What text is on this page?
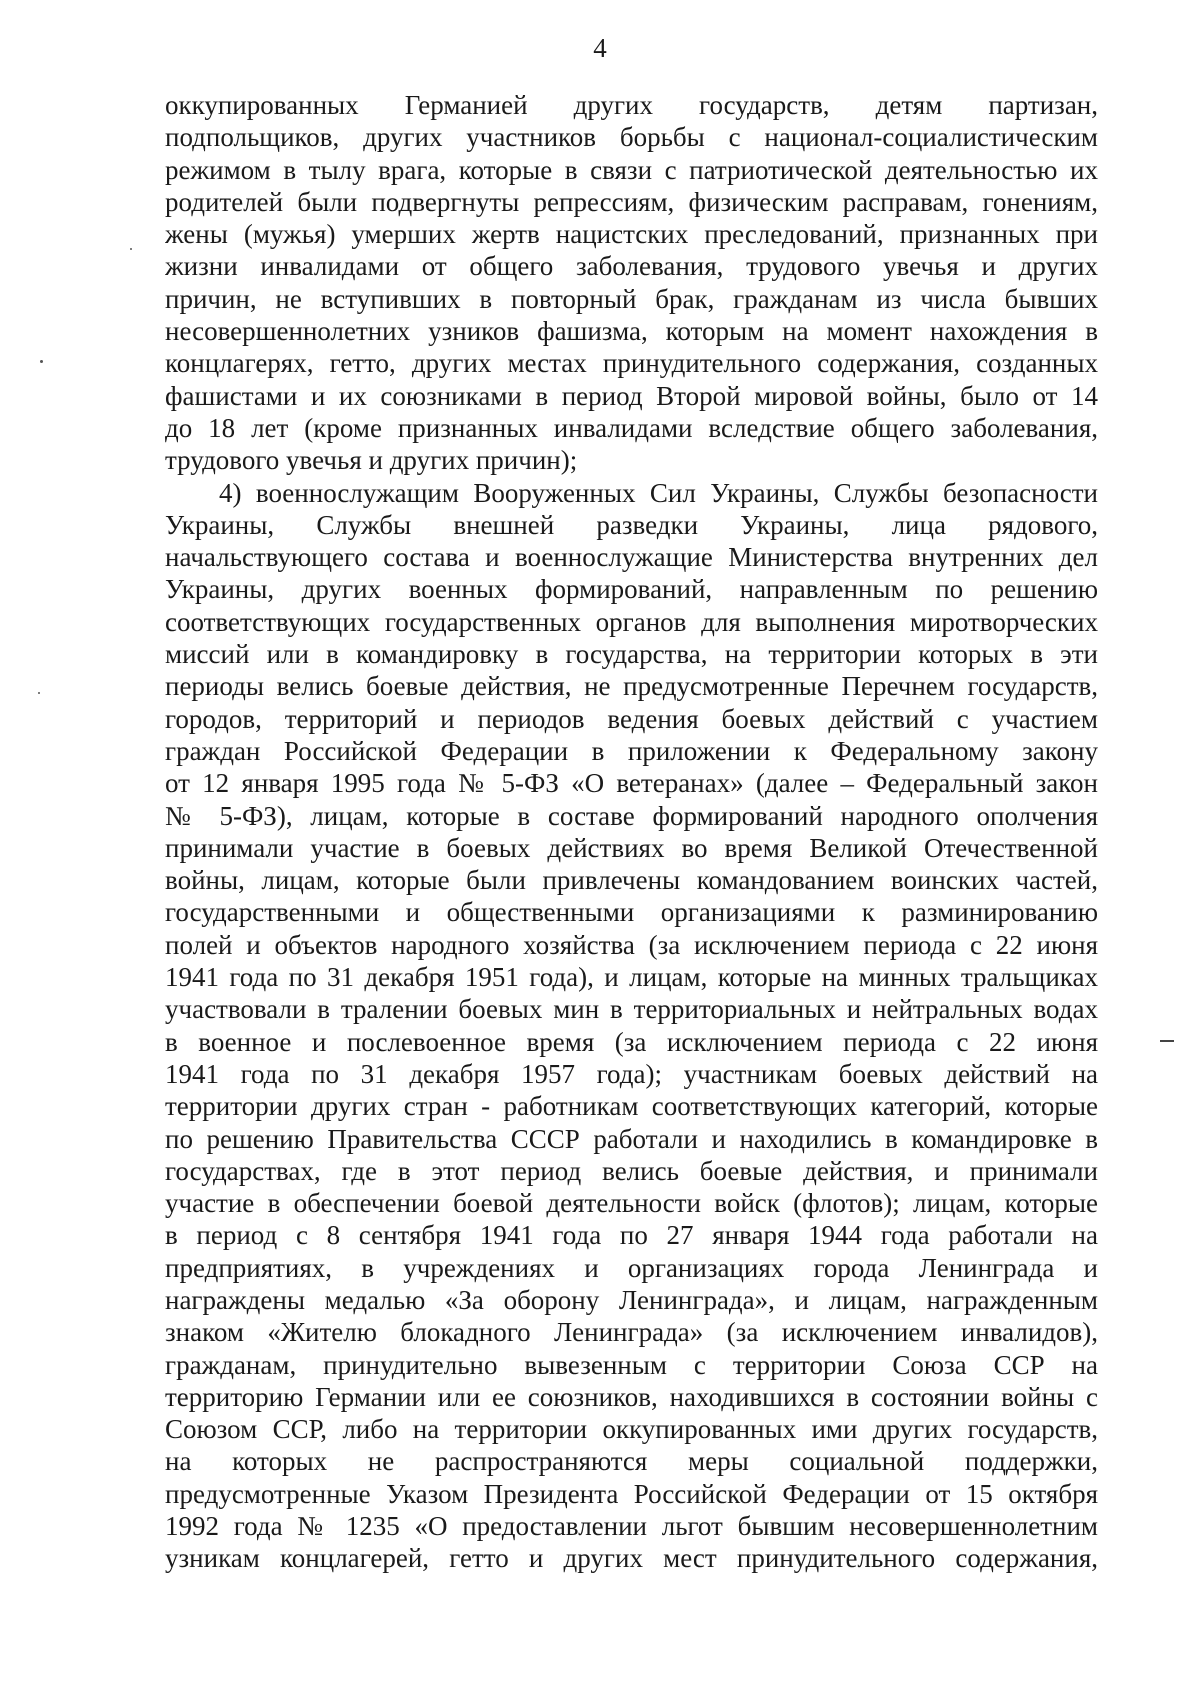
4
оккупированных Германией других государств, детям партизан,
подпольщиков, других участников борьбы с национал-социалистическим
режимом в тылу врага, которые в связи с патриотической деятельностью их
родителей были подвергнуты репрессиям, физическим расправам, гонениям,
жены (мужья) умерших жертв нацистских преследований, признанных при
жизни инвалидами от общего заболевания, трудового увечья и других
причин, не вступивших в повторный брак, гражданам из числа бывших
несовершеннолетних узников фашизма, которым на момент нахождения в
концлагерях, гетто, других местах принудительного содержания, созданных
фашистами и их союзниками в период Второй мировой войны, было от 14
до 18 лет (кроме признанных инвалидами вследствие общего заболевания,
трудового увечья и других причин);
4) военнослужащим Вооруженных Сил Украины, Службы безопасности
Украины, Службы внешней разведки Украины, лица рядового,
начальствующего состава и военнослужащие Министерства внутренних дел
Украины, других военных формирований, направленным по решению
соответствующих государственных органов для выполнения миротворческих
миссий или в командировку в государства, на территории которых в эти
периоды велись боевые действия, не предусмотренные Перечнем государств,
городов, территорий и периодов ведения боевых действий с участием
граждан Российской Федерации в приложении к Федеральному закону
от 12 января 1995 года № 5-ФЗ «О ветеранах» (далее – Федеральный закон
№ 5-ФЗ), лицам, которые в составе формирований народного ополчения
принимали участие в боевых действиях во время Великой Отечественной
войны, лицам, которые были привлечены командованием воинских частей,
государственными и общественными организациями к разминированию
полей и объектов народного хозяйства (за исключением периода с 22 июня
1941 года по 31 декабря 1951 года), и лицам, которые на минных тральщиках
участвовали в тралении боевых мин в территориальных и нейтральных водах
в военное и послевоенное время (за исключением периода с 22 июня
1941 года по 31 декабря 1957 года); участникам боевых действий на
территории других стран - работникам соответствующих категорий, которые
по решению Правительства СССР работали и находились в командировке в
государствах, где в этот период велись боевые действия, и принимали
участие в обеспечении боевой деятельности войск (флотов); лицам, которые
в период с 8 сентября 1941 года по 27 января 1944 года работали на
предприятиях, в учреждениях и организациях города Ленинграда и
награждены медалью «За оборону Ленинграда», и лицам, награжденным
знаком «Жителю блокадного Ленинграда» (за исключением инвалидов),
гражданам, принудительно вывезенным с территории Союза ССР на
территорию Германии или ее союзников, находившихся в состоянии войны с
Союзом ССР, либо на территории оккупированных ими других государств,
на которых не распространяются меры социальной поддержки,
предусмотренные Указом Президента Российской Федерации от 15 октября
1992 года № 1235 «О предоставлении льгот бывшим несовершеннолетним
узникам концлагерей, гетто и других мест принудительного содержания,
